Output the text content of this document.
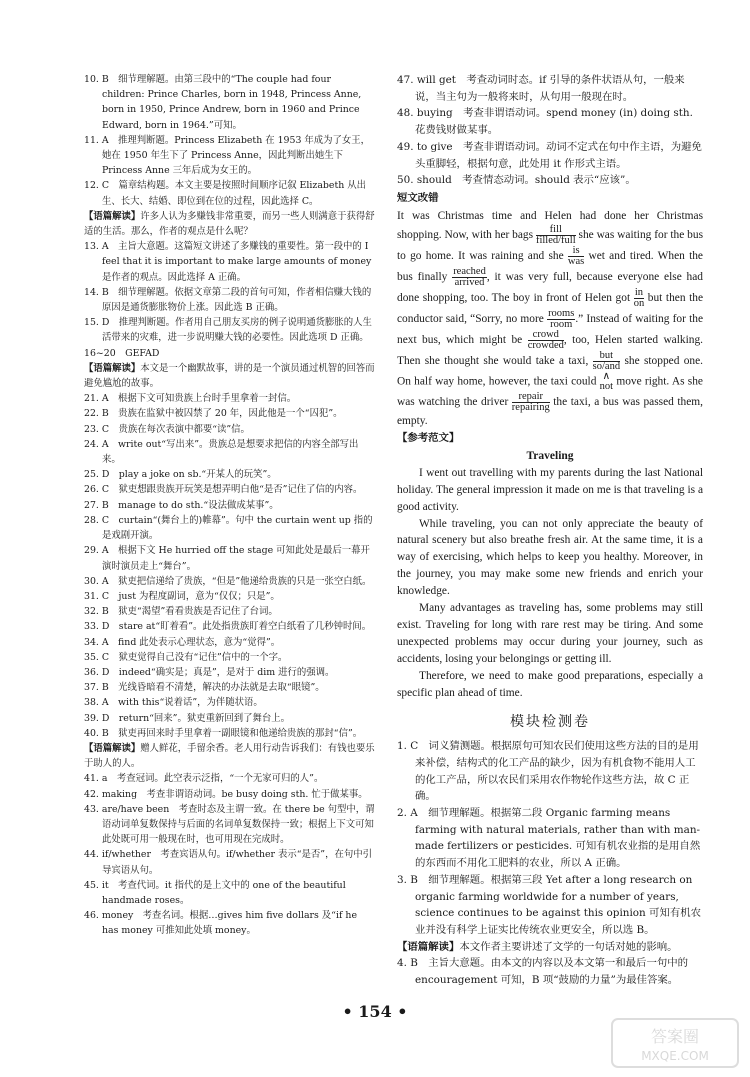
10. B　细节理解题。由第三段中的“The couple had four children: Prince Charles, born in 1948, Princess Anne, born in 1950, Prince Andrew, born in 1960 and Prince Edward, born in 1964.”可知。

11. A　推理判断题。Princess Elizabeth 在 1953 年成为了女王，她在 1950 年生下了 Princess Anne，因此判断出她生下 Princess Anne 三年后成为女王的。

12. C　篇章结构题。本文主要是按照时间顺序记叙 Elizabeth 从出生、长大、结婚、即位到在位的过程，因此选择 C。

【语篇解读】许多人认为多赚钱非常重要，而另一些人则满意于获得舒适的生活。那么，作者的观点是什么呢？

13. A　主旨大意题。这篇短文讲述了多赚钱的重要性。第一段中的 I feel that it is important to make large amounts of money 是作者的观点。因此选择 A 正确。

14. B　细节理解题。依据文章第二段的首句可知，作者相信赚大钱的原因是通货膨胀物价上涨。因此选 B 正确。

15. D　推理判断题。作者用自己朋友买房的例子说明通货膨胀的人生活带来的灾难，进一步说明赚大钱的必要性。因此选项 D 正确。

16~20　GEFAD

【语篇解读】本文是一个幽默故事，讲的是一个演员通过机智的回答而避免尴尬的故事。

21. A　根据下文可知贵族上台时手里拿着一封信。

22. B　贵族在监狱中被囚禁了 20 年，因此他是一个“囚犯”。

23. C　贵族在每次表演中都要“读”信。

24. A　write out“写出来”。贵族总是想要求把信的内容全部写出来。

25. D　play a joke on sb.“开某人的玩笑”。

26. C　狱吏想跟贵族开玩笑是想弄明白他“是否”记住了信的内容。

27. B　manage to do sth.“设法做成某事”。

28. C　curtain“(舞台上的)帷幕”。句中 the curtain went up 指的是戏剧开演。

29. A　根据下文 He hurried off the stage 可知此处是最后一幕开演时演员走上“舞台”。

30. A　狱吏把信递给了贵族，“但是”他递给贵族的只是一张空白纸。

31. C　just 为程度副词，意为“仅仅；只是”。

32. B　狱吏“渴望”看看贵族是否记住了台词。

33. D　stare at“盯着看”。此处指贵族盯着空白纸看了几秒钟时间。

34. A　find 此处表示心理状态，意为“觉得”。

35. C　狱吏觉得自己没有“记住”信中的一个字。

36. D　indeed“确实是；真是”，是对于 dim 进行的强调。

37. B　光线昏暗看不清楚，解决的办法就是去取“眼镜”。

38. A　with this“说着话”，为伴随状语。

39. D　return“回来”。狱吏重新回到了舞台上。

40. B　狱吏再回来时手里拿着一副眼镜和他递给贵族的那封“信”。

【语篇解读】赠人鲜花，手留余香。老人用行动告诉我们：有钱也要乐于助人的人。

41. a　考查冠词。此空表示泛指，“一个无家可归的人”。

42. making　考查非谓语动词。be busy doing sth. 忙于做某事。

43. are/have been　考查时态及主谓一致。在 there be 句型中，谓语动词单复数保持与后面的名词单复数保持一致；根据上下文可知此处既可用一般现在时，也可用现在完成时。

44. if/whether　考查宾语从句。if/whether 表示“是否”，在句中引导宾语从句。

45. it　考查代词。it 指代的是上文中的 one of the beautiful handmade roses。

46. money　考查名词。根据…gives him five dollars 及“if he has money 可推知此处填 money。

47. will get　考查动词时态。if 引导的条件状语从句，一般来说，当主句为一般将来时，从句用一般现在时。

48. buying　考查非谓语动词。spend money (in) doing sth. 花费钱财做某事。

49. to give　考查非谓语动词。动词不定式在句中作主语，为避免头重脚轻，根据句意，此处用 it 作形式主语。

50. should　考查情态动词。should 表示“应该”。

短文改错

It was Christmas time and Helen had done her Christmas shopping. Now, with her bags	fill
filled/full she was waiting for the bus to go home. It was raining and she is
was wet and tired. When the bus finally reached
arrived , it was very full, because everyone else had done shopping, too. The boy in front of Helen got $\frac{in}{on}$ but then the conductor said, “Sorry, no more rooms
room .” Instead of waiting for the next bus, which might be crowd
crowded , too, Helen started walking. Then she thought she would take a taxi,	but
so/and she stopped one. On half way home, however, the taxi could ∧
not move right. As she was watching the driver repair
repairing the taxi, a bus was passed them, empty.

【参考范文】
Traveling

I went out travelling with my parents during the last National holiday. The general impression it made on me is that traveling is a good activity.

While traveling, you can not only appreciate the beauty of natural scenery but also breathe fresh air. At the same time, it is a way of exercising, which helps to keep you healthy. Moreover, in the journey, you may make some new friends and enrich your knowledge.

Many advantages as traveling has, some problems may still exist. Traveling for long with rare rest may be tiring. And some unexpected problems may occur during your journey, such as accidents, losing your belongings or getting ill.

Therefore, we need to make good preparations, especially a specific plan ahead of time.

模块检测卷

1. C　词义猜测题。根据原句可知农民们使用这些方法的目的是用来补偿，结构式的化工产品的缺少，因为有机食物不能用人工的化工产品，所以农民们采用农作物轮作这些方法，故 C 正确。

2. A　细节理解题。根据第二段 Organic farming means farming with natural materials, rather than with man-made fertilizers or pesticides. 可知有机农业指的是用自然的东西而不用化工肥料的农业，所以 A 正确。

3. B　细节理解题。根据第三段 Yet after a long research on organic farming worldwide for a number of years, science continues to be against this opinion 可知有机农业并没有科学上证实比传统农业更安全，所以选 B。

【语篇解读】本文作者主要讲述了文学的一句话对她的影响。

4. B　主旨大意题。由本文的内容以及本文第一和最后一句中的 encouragement 可知，B 项“鼓励的力量”为最佳答案。

• 154 •
答案圈
MXQE.COM
